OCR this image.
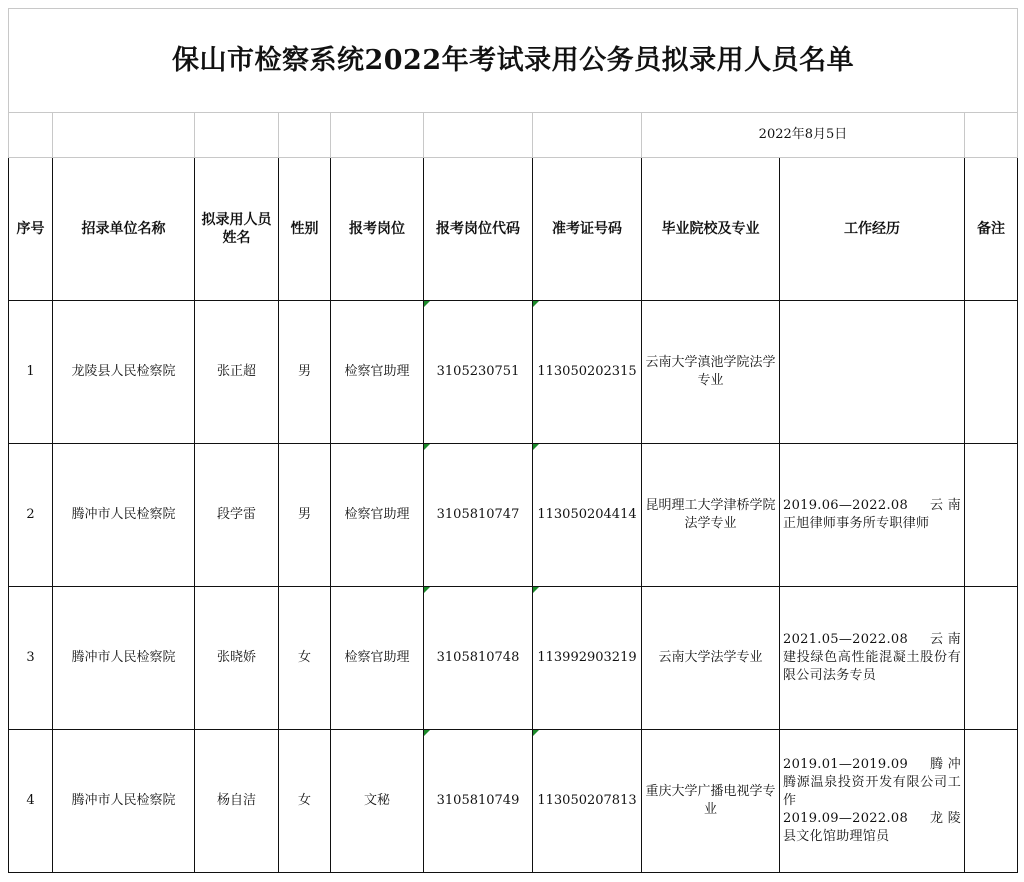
保山市检察系统2022年考试录用公务员拟录用人员名单									
							2022年8月5日		
序号	招录单位名称	拟录用人员姓名	性别	报考岗位	报考岗位代码	准考证号码	毕业院校及专业	工作经历	备注
1	龙陵县人民检察院	张正超	男	检察官助理	3105230751	113050202315	云南大学滇池学院法学专业		
2	腾冲市人民检察院	段学雷	男	检察官助理	3105810747	113050204414	昆明理工大学津桥学院法学专业	2019.06—2022.08　云南正旭律师事务所专职律师	

3	腾冲市人民检察院	张晓娇	女	检察官助理	3105810748	113992903219	云南大学法学专业	2021.05—2022.08　云南建投绿色高性能混凝土股份有限公司法务专员	

4	腾冲市人民检察院	杨自洁	女	文秘	3105810749	113050207813	重庆大学广播电视学专业	2019.01—2019.09　腾冲腾源温泉投资开发有限公司工作
2019.09—2022.08　龙陵县文化馆助理馆员	
